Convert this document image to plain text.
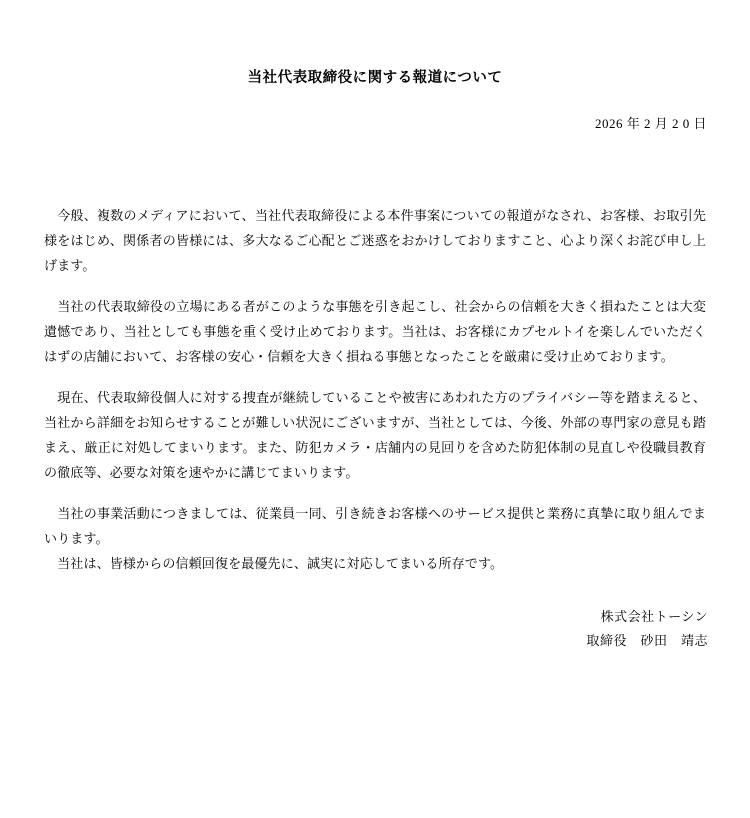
当社代表取締役に関する報道について
2026 年 2 月 2 0 日

　今般、複数のメディアにおいて、当社代表取締役による本件事案についての報道がなされ、お客様、お取引先様をはじめ、関係者の皆様には、多大なるご心配とご迷惑をおかけしておりますこと、心より深くお詫び申し上げます。

　当社の代表取締役の立場にある者がこのような事態を引き起こし、社会からの信頼を大きく損ねたことは大変遺憾であり、当社としても事態を重く受け止めております。当社は、お客様にカプセルトイを楽しんでいただくはずの店舗において、お客様の安心・信頼を大きく損ねる事態となったことを厳粛に受け止めております。

　現在、代表取締役個人に対する捜査が継続していることや被害にあわれた方のプライバシー等を踏まえると、当社から詳細をお知らせすることが難しい状況にございますが、当社としては、今後、外部の専門家の意見も踏まえ、厳正に対処してまいります。また、防犯カメラ・店舗内の見回りを含めた防犯体制の見直しや役職員教育の徹底等、必要な対策を速やかに講じてまいります。

　当社の事業活動につきましては、従業員一同、引き続きお客様へのサービス提供と業務に真摯に取り組んでまいります。

　当社は、皆様からの信頼回復を最優先に、誠実に対応してまいる所存です。

株式会社トーシン
取締役　砂田　靖志
